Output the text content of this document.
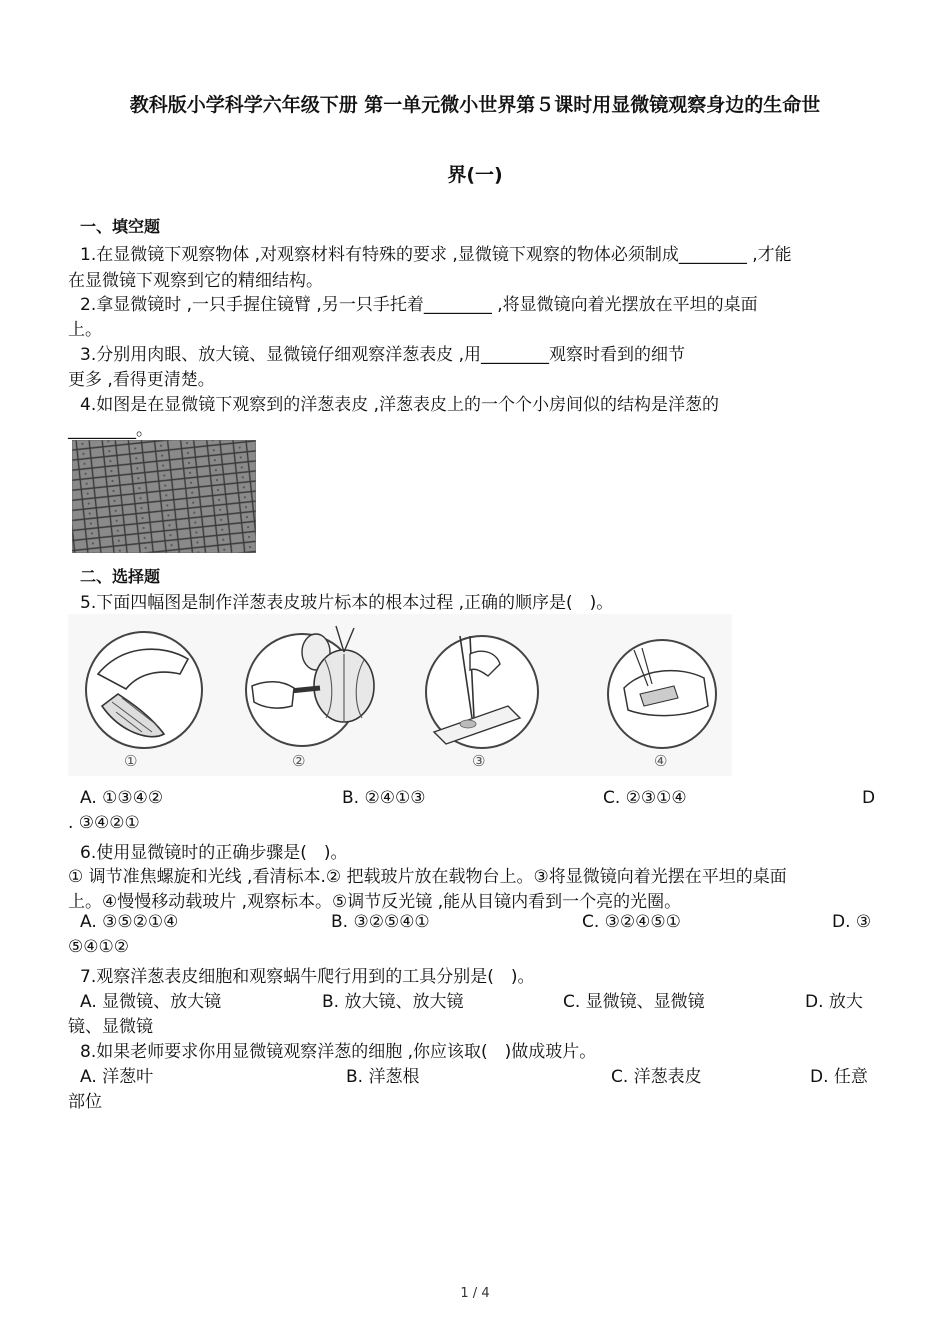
教科版小学科学六年级下册 第一单元微小世界第５课时用显微镜观察身边的生命世
界(一)
一、填空题
1.在显微镜下观察物体 ,对观察材料有特殊的要求 ,显微镜下观察的物体必须制成________ ,才能
在显微镜下观察到它的精细结构。
2.拿显微镜时 ,一只手握住镜臂 ,另一只手托着________ ,将显微镜向着光摆放在平坦的桌面
上。
3.分别用肉眼、放大镜、显微镜仔细观察洋葱表皮 ,用________观察时看到的细节
更多 ,看得更清楚。
4.如图是在显微镜下观察到的洋葱表皮 ,洋葱表皮上的一个个小房间似的结构是洋葱的
________。
二、选择题
5.下面四幅图是制作洋葱表皮玻片标本的根本过程 ,正确的顺序是(　)。
①	②	③	④
A. ①③④②	B. ②④①③	C. ②③①④	D
. ③④②①
6.使用显微镜时的正确步骤是(　)。
① 调节准焦螺旋和光线 ,看清标本.② 把载玻片放在载物台上。③将显微镜向着光摆在平坦的桌面
上。④慢慢移动载玻片 ,观察标本。⑤调节反光镜 ,能从目镜内看到一个亮的光圈。
A. ③⑤②①④	B. ③②⑤④①	C. ③②④⑤①	D. ③
⑤④①②
7.观察洋葱表皮细胞和观察蜗牛爬行用到的工具分别是(　)。
A. 显微镜、放大镜	B. 放大镜、放大镜	C. 显微镜、显微镜	D. 放大
镜、显微镜
8.如果老师要求你用显微镜观察洋葱的细胞 ,你应该取(　)做成玻片。
A. 洋葱叶	B. 洋葱根	C. 洋葱表皮	D. 任意
部位
1 / 4
